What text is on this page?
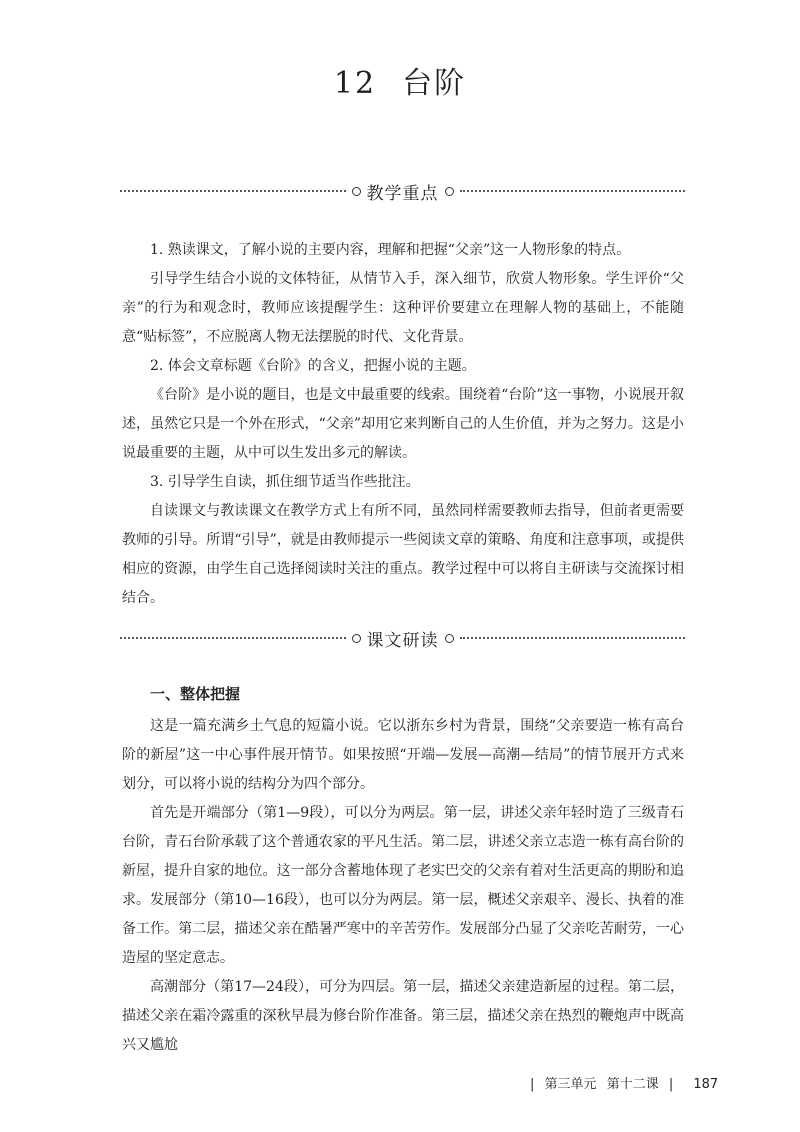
12 台阶
教学重点

1. 熟读课文，了解小说的主要内容，理解和把握“父亲”这一人物形象的特点。

引导学生结合小说的文体特征，从情节入手，深入细节，欣赏人物形象。学生评价“父亲”的行为和观念时，教师应该提醒学生：这种评价要建立在理解人物的基础上，不能随意“贴标签”，不应脱离人物无法摆脱的时代、文化背景。

2. 体会文章标题《台阶》的含义，把握小说的主题。

《台阶》是小说的题目，也是文中最重要的线索。围绕着“台阶”这一事物，小说展开叙述，虽然它只是一个外在形式，“父亲”却用它来判断自己的人生价值，并为之努力。这是小说最重要的主题，从中可以生发出多元的解读。

3. 引导学生自读，抓住细节适当作些批注。

自读课文与教读课文在教学方式上有所不同，虽然同样需要教师去指导，但前者更需要教师的引导。所谓“引导”，就是由教师提示一些阅读文章的策略、角度和注意事项，或提供相应的资源，由学生自己选择阅读时关注的重点。教学过程中可以将自主研读与交流探讨相结合。

课文研读
一、整体把握

这是一篇充满乡土气息的短篇小说。它以浙东乡村为背景，围绕“父亲要造一栋有高台阶的新屋”这一中心事件展开情节。如果按照“开端—发展—高潮—结局”的情节展开方式来划分，可以将小说的结构分为四个部分。

首先是开端部分（第1—9段），可以分为两层。第一层，讲述父亲年轻时造了三级青石台阶，青石台阶承载了这个普通农家的平凡生活。第二层，讲述父亲立志造一栋有高台阶的新屋，提升自家的地位。这一部分含蓄地体现了老实巴交的父亲有着对生活更高的期盼和追求。 发展部分（第10—16段），也可以分为两层。第一层，概述父亲艰辛、漫长、执着的准备工作。第二层，描述父亲在酷暑严寒中的辛苦劳作。发展部分凸显了父亲吃苦耐劳，一心造屋的坚定意志。

高潮部分（第17—24段），可分为四层。第一层，描述父亲建造新屋的过程。第二层，描述父亲在霜冷露重的深秋早晨为修台阶作准备。第三层，描述父亲在热烈的鞭炮声中既高兴又尴尬

| 第三单元 第十二课 | 187
